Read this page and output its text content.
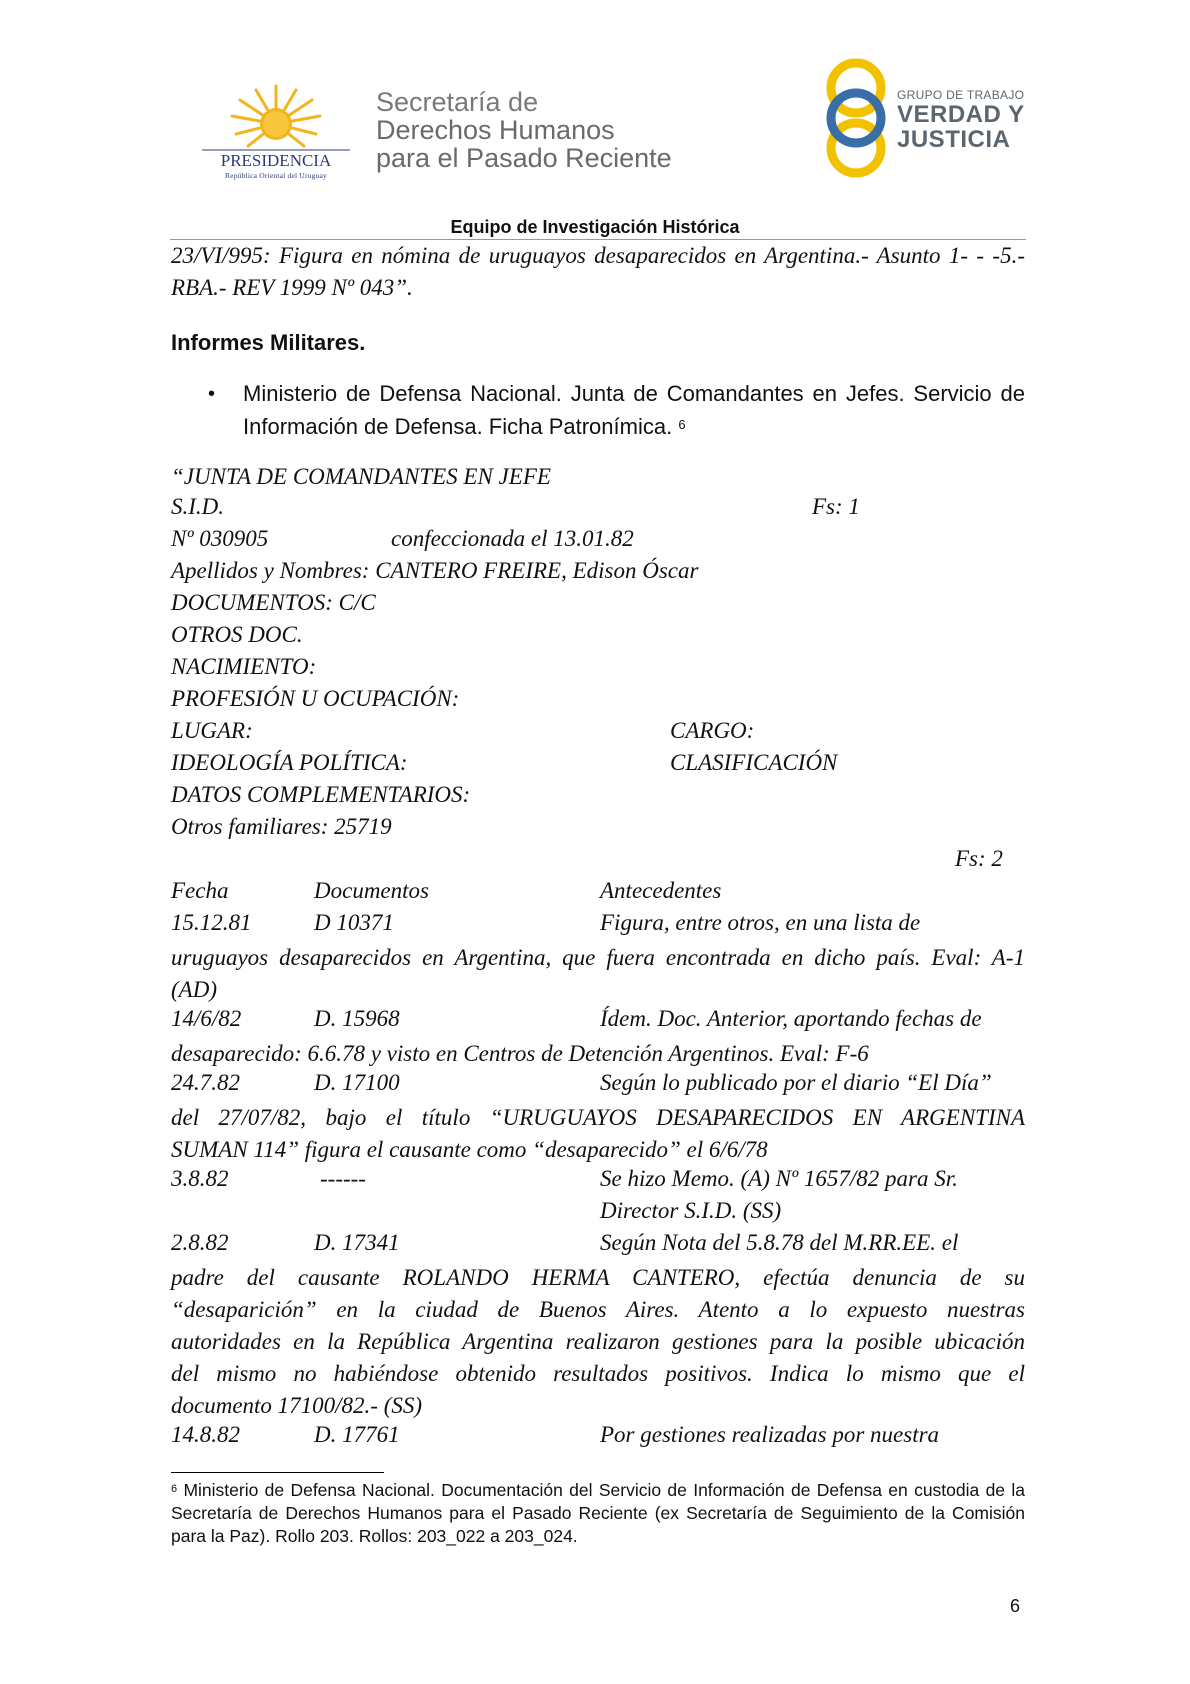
PRESIDENCIA
República Oriental del Uruguay
Secretaría de
Derechos Humanos
para el Pasado Reciente
GRUPO DE TRABAJO
VERDAD Y
JUSTICIA
Equipo de Investigación Histórica
23/VI/995: Figura en nómina de uruguayos desaparecidos en Argentina.- Asunto 1- - -5.- RBA.- REV 1999 Nº 043”.
Informes Militares.
• Ministerio de Defensa Nacional. Junta de Comandantes en Jefes. Servicio de Información de Defensa. Ficha Patronímica. $^6$
“JUNTA DE COMANDANTES EN JEFE
S.I.D.	Fs: 1
Nº 030905	confeccionada el 13.01.82
Apellidos y Nombres: CANTERO FREIRE, Edison Óscar
DOCUMENTOS: C/C
OTROS DOC.
NACIMIENTO:
PROFESIÓN U OCUPACIÓN:
LUGAR:	CARGO:
IDEOLOGÍA POLÍTICA:	CLASIFICACIÓN
DATOS COMPLEMENTARIOS:
Otros familiares: 25719
Fs: 2
Fecha	Documentos	Antecedentes
15.12.81	D 10371	Figura, entre otros, en una lista de
uruguayos desaparecidos en Argentina, que fuera encontrada en dicho país. Eval: A-1
(AD)
14/6/82	D. 15968	Ídem. Doc. Anterior, aportando fechas de
desaparecido: 6.6.78 y visto en Centros de Detención Argentinos. Eval: F-6
24.7.82	D. 17100	Según lo publicado por el diario “El Día”
del 27/07/82, bajo el título “URUGUAYOS DESAPARECIDOS EN ARGENTINA
SUMAN 114” figura el causante como “desaparecido” el 6/6/78
3.8.82	------	Se hizo Memo. (A) Nº 1657/82 para Sr.
Director S.I.D. (SS)
2.8.82	D. 17341	Según Nota del 5.8.78 del M.RR.EE. el
padre del causante ROLANDO HERMA CANTERO, efectúa denuncia de su
“desaparición” en la ciudad de Buenos Aires. Atento a lo expuesto nuestras
autoridades en la República Argentina realizaron gestiones para la posible ubicación
del mismo no habiéndose obtenido resultados positivos. Indica lo mismo que el
documento 17100/82.- (SS)
14.8.82	D. 17761	Por gestiones realizadas por nuestra
$^6$ Ministerio de Defensa Nacional. Documentación del Servicio de Información de Defensa en custodia de la Secretaría de Derechos Humanos para el Pasado Reciente (ex Secretaría de Seguimiento de la Comisión para la Paz). Rollo 203. Rollos: 203_022 a 203_024.
6
